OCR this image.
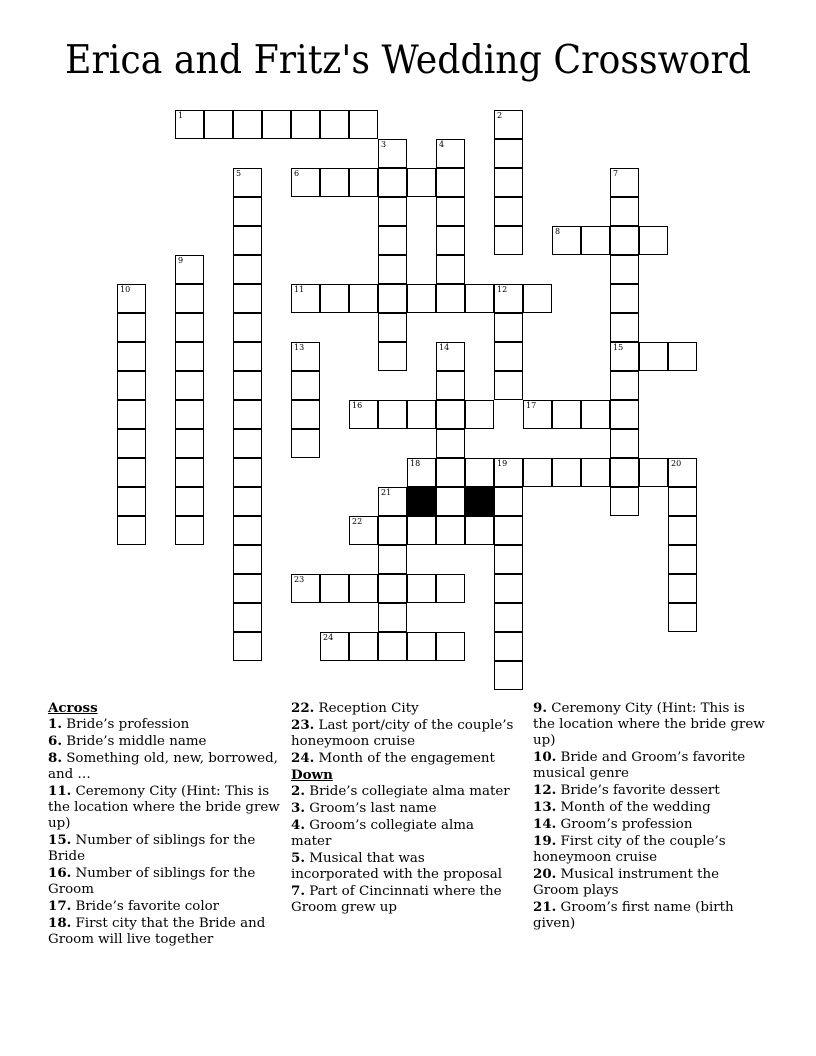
Erica and Fritz's Wedding Crossword
1	2
3	4
5	6	7
8
9
10	11	12
13	14	15
16	17
18	19	20
21
22
23
24
Across
1. Bride’s profession
6. Bride’s middle name
8. Something old, new, borrowed, and …
11. Ceremony City (Hint: This is the location where the bride grew up)
15. Number of siblings for the Bride
16. Number of siblings for the Groom
17. Bride’s favorite color
18. First city that the Bride and Groom will live together
22. Reception City
23. Last port/city of the couple’s honeymoon cruise
24. Month of the engagement
Down
2. Bride’s collegiate alma mater
3. Groom’s last name
4. Groom’s collegiate alma mater
5. Musical that was incorporated with the proposal
7. Part of Cincinnati where the Groom grew up
9. Ceremony City (Hint: This is the location where the bride grew up)
10. Bride and Groom’s favorite musical genre
12. Bride’s favorite dessert
13. Month of the wedding
14. Groom’s profession
19. First city of the couple’s honeymoon cruise
20. Musical instrument the Groom plays
21. Groom’s first name (birth given)
